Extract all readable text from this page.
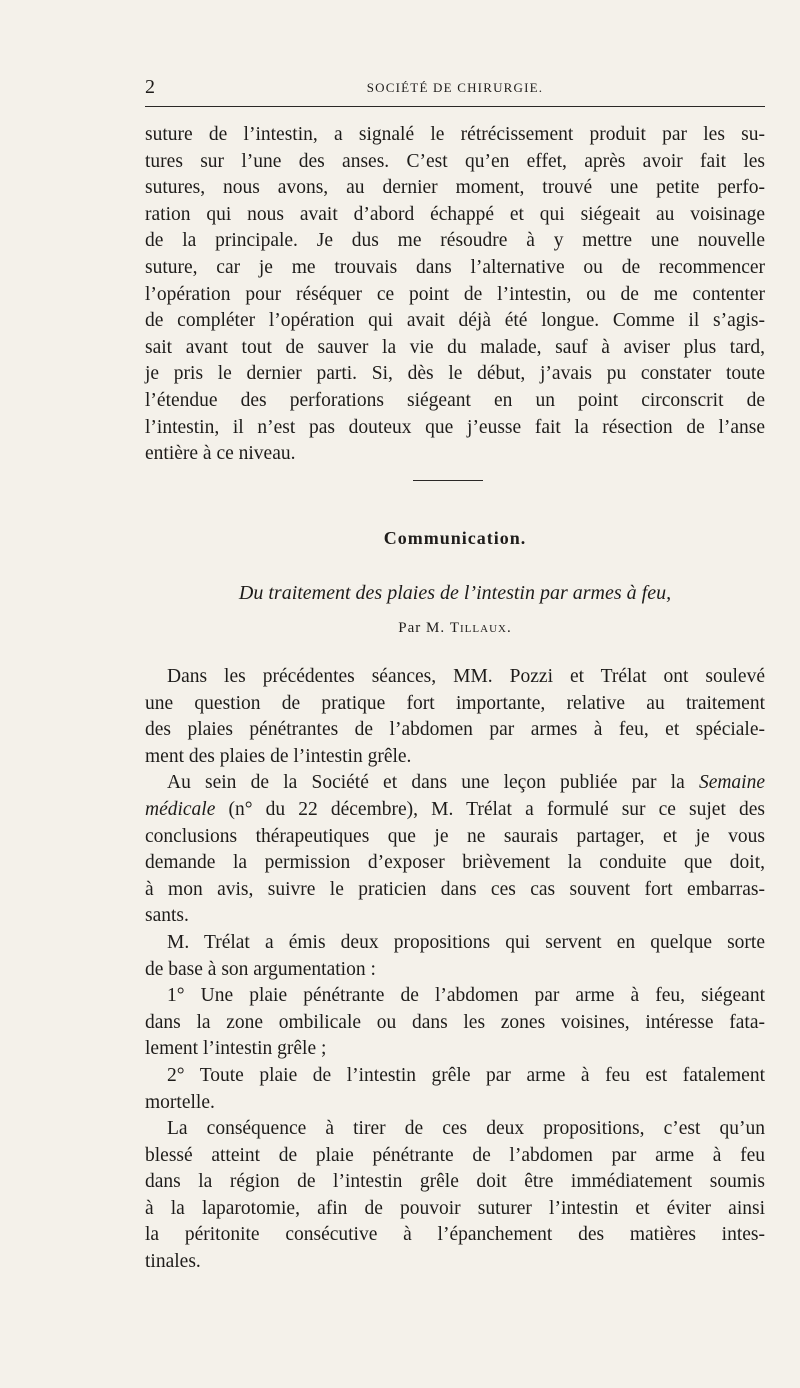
2	SOCIÉTÉ DE CHIRURGIE.
suture de l’intestin, a signalé le rétrécissement produit par les su-
tures sur l’une des anses. C’est qu’en effet, après avoir fait les
sutures, nous avons, au dernier moment, trouvé une petite perfo-
ration qui nous avait d’abord échappé et qui siégeait au voisinage
de la principale. Je dus me résoudre à y mettre une nouvelle
suture, car je me trouvais dans l’alternative ou de recommencer
l’opération pour réséquer ce point de l’intestin, ou de me contenter
de compléter l’opération qui avait déjà été longue. Comme il s’agis-
sait avant tout de sauver la vie du malade, sauf à aviser plus tard,
je pris le dernier parti. Si, dès le début, j’avais pu constater toute
l’étendue des perforations siégeant en un point circonscrit de
l’intestin, il n’est pas douteux que j’eusse fait la résection de l’anse
entière à ce niveau.
Communication.
Du traitement des plaies de l’intestin par armes à feu,
Par M. Tillaux.
Dans les précédentes séances, MM. Pozzi et Trélat ont soulevé
une question de pratique fort importante, relative au traitement
des plaies pénétrantes de l’abdomen par armes à feu, et spéciale-
ment des plaies de l’intestin grêle.
Au sein de la Société et dans une leçon publiée par la Semaine
médicale (n° du 22 décembre), M. Trélat a formulé sur ce sujet des
conclusions thérapeutiques que je ne saurais partager, et je vous
demande la permission d’exposer brièvement la conduite que doit,
à mon avis, suivre le praticien dans ces cas souvent fort embarras-
sants.
M. Trélat a émis deux propositions qui servent en quelque sorte
de base à son argumentation :
1° Une plaie pénétrante de l’abdomen par arme à feu, siégeant
dans la zone ombilicale ou dans les zones voisines, intéresse fata-
lement l’intestin grêle ;
2° Toute plaie de l’intestin grêle par arme à feu est fatalement
mortelle.
La conséquence à tirer de ces deux propositions, c’est qu’un
blessé atteint de plaie pénétrante de l’abdomen par arme à feu
dans la région de l’intestin grêle doit être immédiatement soumis
à la laparotomie, afin de pouvoir suturer l’intestin et éviter ainsi
la péritonite consécutive à l’épanchement des matières intes-
tinales.
